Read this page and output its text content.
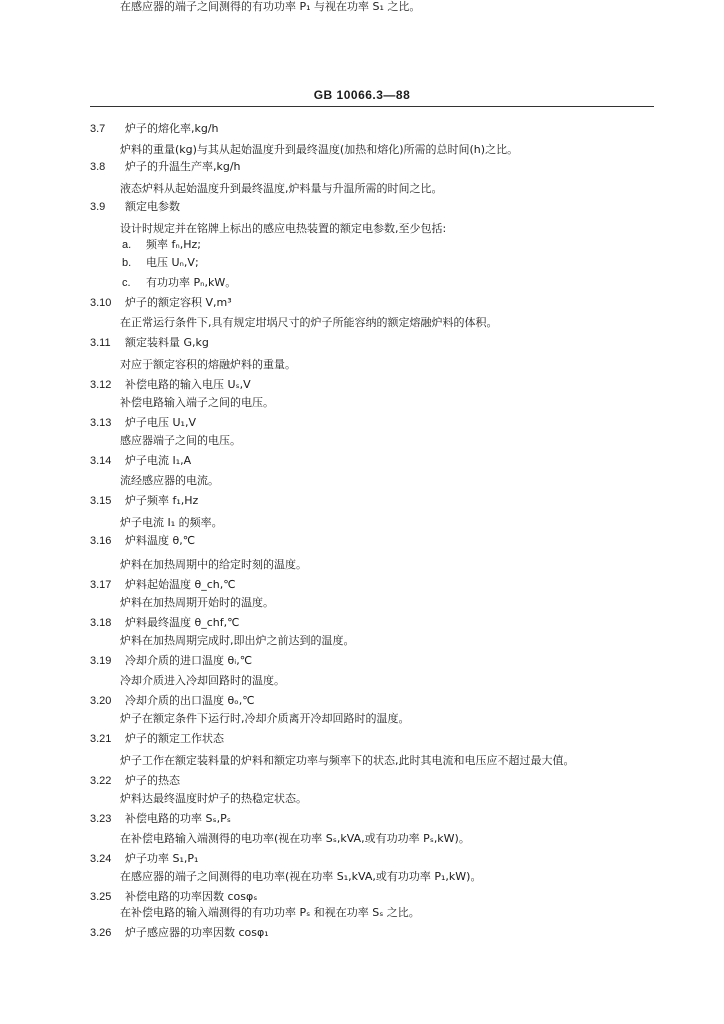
GB 10066.3—88
3.7 炉子的熔化率,kg/h
炉料的重量(kg)与其从起始温度升到最终温度(加热和熔化)所需的总时间(h)之比。
3.8 炉子的升温生产率,kg/h
液态炉料从起始温度升到最终温度,炉料量与升温所需的时间之比。
3.9 额定电参数
设计时规定并在铭牌上标出的感应电热装置的额定电参数,至少包括:
a. 频率 fₙ,Hz;
b. 电压 Uₙ,V;
c. 有功功率 Pₙ,kW。
3.10 炉子的额定容积 V,m³
在正常运行条件下,具有规定坩埚尺寸的炉子所能容纳的额定熔融炉料的体积。
3.11 额定装料量 G,kg
对应于额定容积的熔融炉料的重量。
3.12 补偿电路的输入电压 Uₛ,V
补偿电路输入端子之间的电压。
3.13 炉子电压 U₁,V
感应器端子之间的电压。
3.14 炉子电流 I₁,A
流经感应器的电流。
3.15 炉子频率 f₁,Hz
炉子电流 I₁ 的频率。
3.16 炉料温度 θ,℃
炉料在加热周期中的给定时刻的温度。
3.17 炉料起始温度 θ_ch,℃
炉料在加热周期开始时的温度。
3.18 炉料最终温度 θ_chf,℃
炉料在加热周期完成时,即出炉之前达到的温度。
3.19 冷却介质的进口温度 θᵢ,℃
冷却介质进入冷却回路时的温度。
3.20 冷却介质的出口温度 θₒ,℃
炉子在额定条件下运行时,冷却介质离开冷却回路时的温度。
3.21 炉子的额定工作状态
炉子工作在额定装料量的炉料和额定功率与频率下的状态,此时其电流和电压应不超过最大值。
3.22 炉子的热态
炉料达最终温度时炉子的热稳定状态。
3.23 补偿电路的功率 Sₛ,Pₛ
在补偿电路输入端测得的电功率(视在功率 Sₛ,kVA,或有功功率 Pₛ,kW)。
3.24 炉子功率 S₁,P₁
在感应器的端子之间测得的电功率(视在功率 S₁,kVA,或有功功率 P₁,kW)。
3.25 补偿电路的功率因数 cosφₛ
在补偿电路的输入端测得的有功功率 Pₛ 和视在功率 Sₛ 之比。
3.26 炉子感应器的功率因数 cosφ₁
在感应器的端子之间测得的有功功率 P₁ 与视在功率 S₁ 之比。
